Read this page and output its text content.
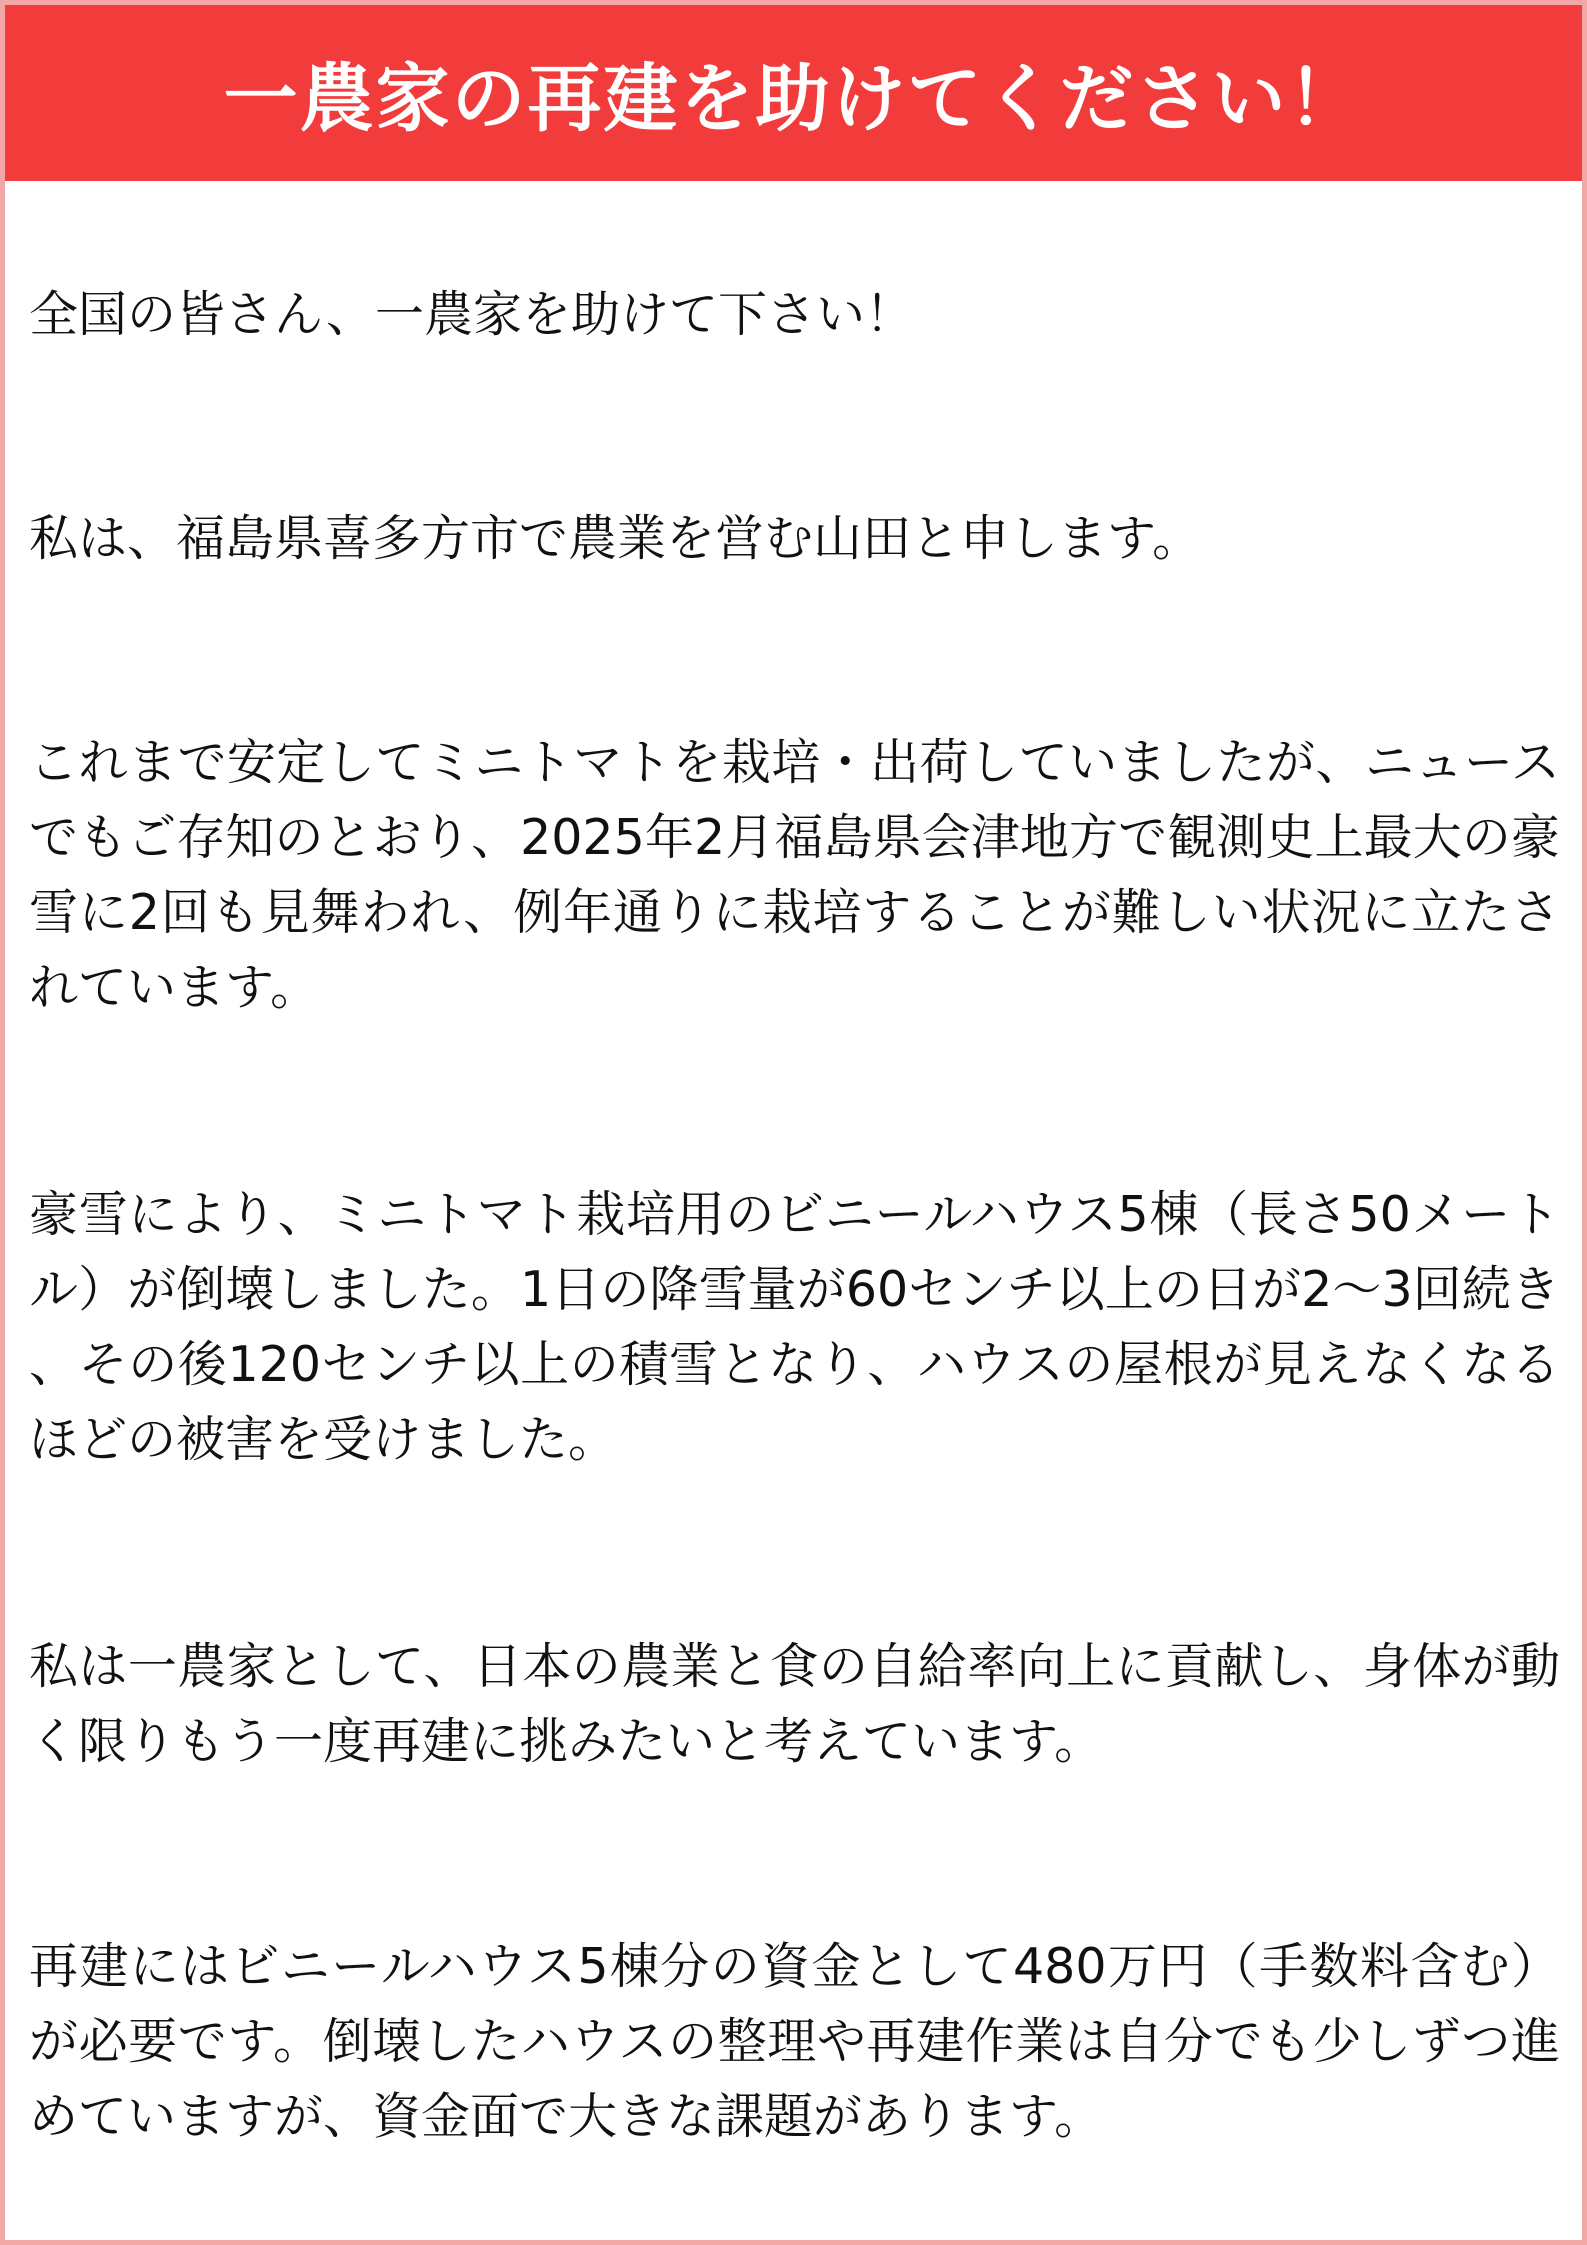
一農家の再建を助けてください！

全国の皆さん、一農家を助けて下さい！

私は、福島県喜多方市で農業を営む山田と申します。

これまで安定してミニトマトを栽培・出荷していましたが、ニュースでもご存知のとおり、2025年2月福島県会津地方で観測史上最大の豪雪に2回も見舞われ、例年通りに栽培することが難しい状況に立たされています。

豪雪により、ミニトマト栽培用のビニールハウス5棟（長さ50メートル）が倒壊しました。1日の降雪量が60センチ以上の日が2～3回続き、その後120センチ以上の積雪となり、ハウスの屋根が見えなくなるほどの被害を受けました。

私は一農家として、日本の農業と食の自給率向上に貢献し、身体が動く限りもう一度再建に挑みたいと考えています。

再建にはビニールハウス5棟分の資金として480万円（手数料含む）が必要です。倒壊したハウスの整理や再建作業は自分でも少しずつ進めていますが、資金面で大きな課題があります。
